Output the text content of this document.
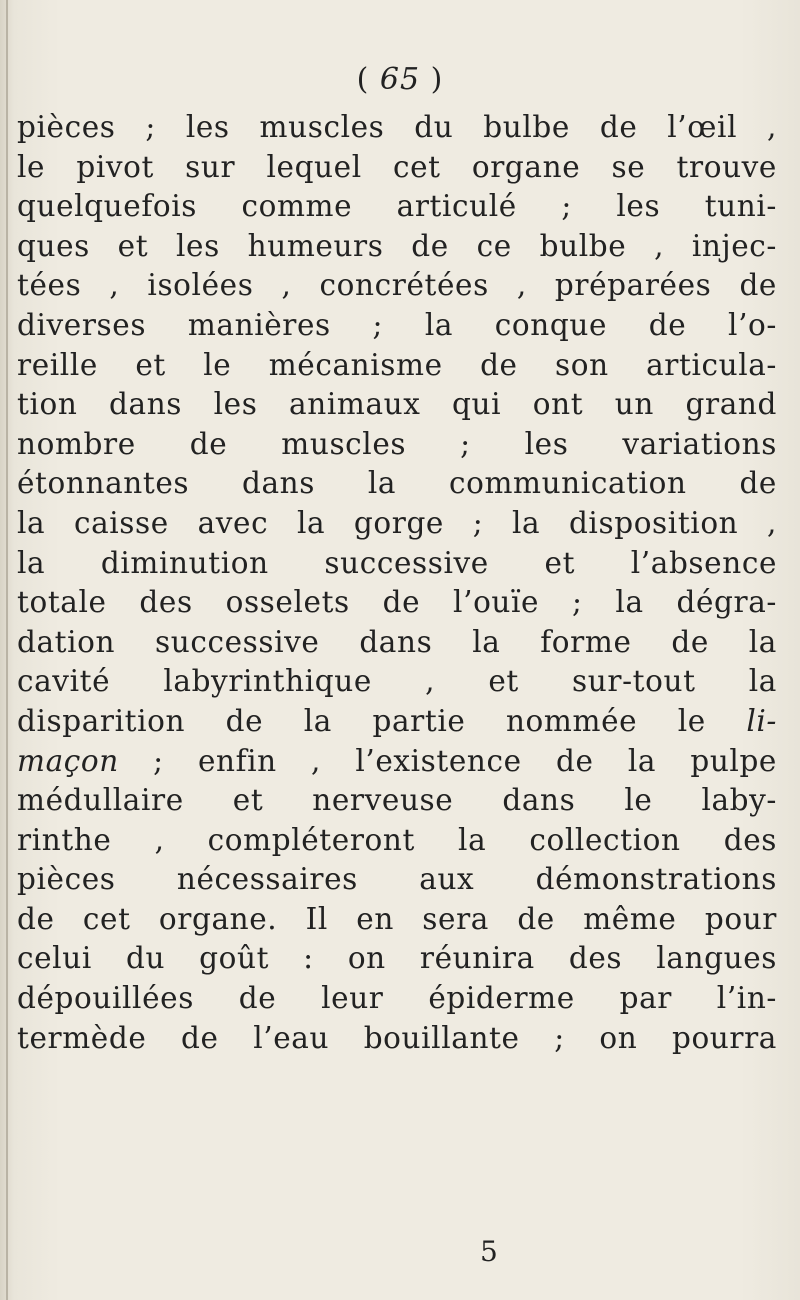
( 65 )
pièces ; les muscles du bulbe de l’œil ,
le pivot sur lequel cet organe se trouve
quelquefois comme articulé ; les tuni-
ques et les humeurs de ce bulbe , injec-
tées , isolées , concrétées , préparées de
diverses manières ; la conque de l’o-
reille et le mécanisme de son articula-
tion dans les animaux qui ont un grand
nombre de muscles ; les variations
étonnantes dans la communication de
la caisse avec la gorge ; la disposition ,
la diminution successive et l’absence
totale des osselets de l’ouïe ; la dégra-
dation successive dans la forme de la
cavité labyrinthique , et sur-tout la
disparition de la partie nommée le li-
maçon ; enfin , l’existence de la pulpe
médullaire et nerveuse dans le laby-
rinthe , compléteront la collection des
pièces nécessaires aux démonstrations
de cet organe. Il en sera de même pour
celui du goût : on réunira des langues
dépouillées de leur épiderme par l’in-
termède de l’eau bouillante ; on pourra
5
